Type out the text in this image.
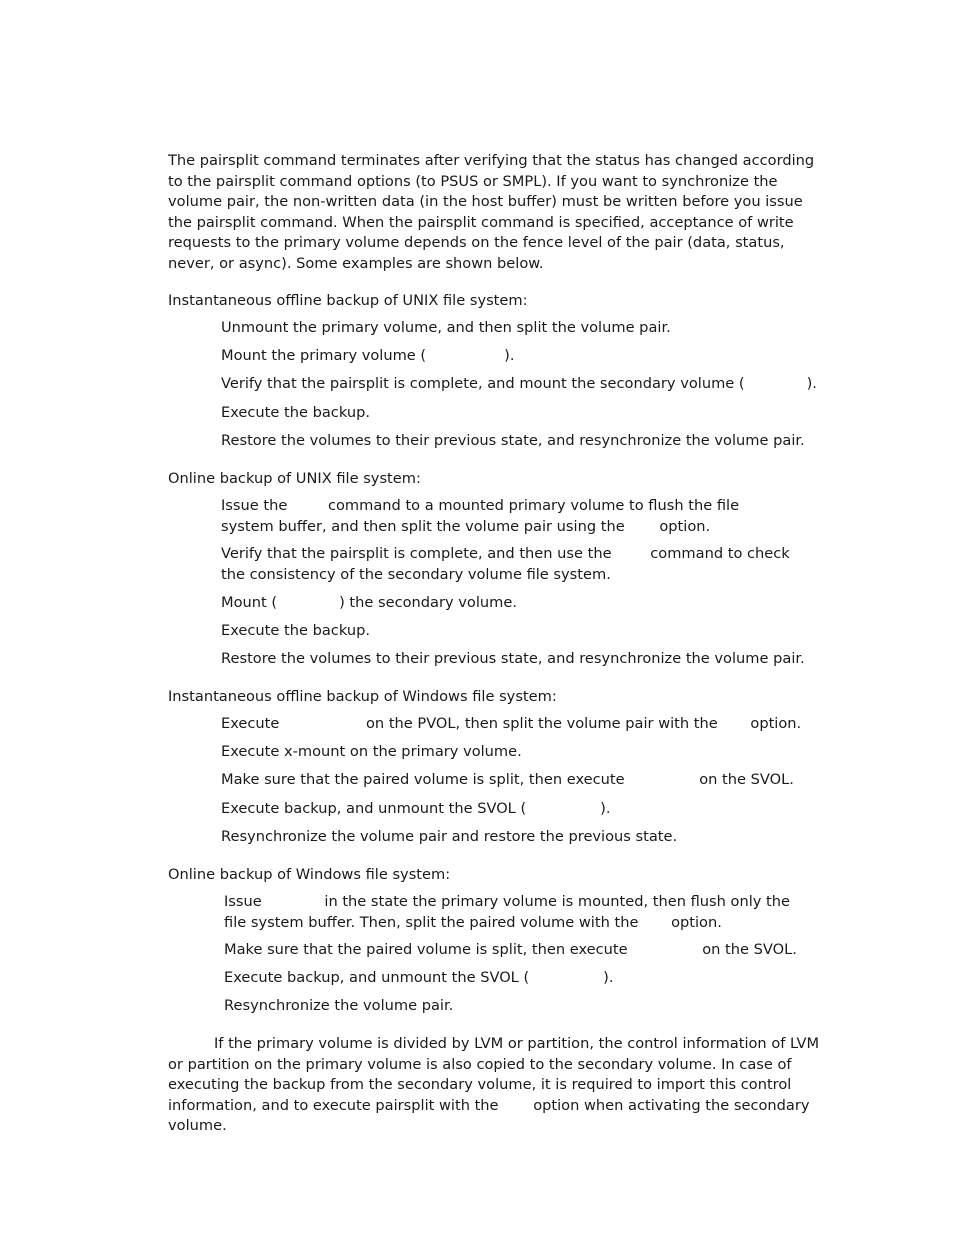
The pairsplit command terminates after verifying that the status has changed according to the pairsplit command options (to PSUS or SMPL). If you want to synchronize the volume pair, the non-written data (in the host buffer) must be written before you issue the pairsplit command. When the pairsplit command is specified, acceptance of write requests to the primary volume depends on the fence level of the pair (data, status, never, or async). Some examples are shown below.

Instantaneous offline backup of UNIX file system:

Unmount the primary volume, and then split the volume pair.

Mount the primary volume (	).

Verify that the pairsplit is complete, and mount the secondary volume (	).

Execute the backup.

Restore the volumes to their previous state, and resynchronize the volume pair.

Online backup of UNIX file system:

Issue the command to a mounted primary volume to flush the file system buffer, and then split the volume pair using the option.

Verify that the pairsplit is complete, and then use the command to check the consistency of the secondary volume file system.

Mount (	) the secondary volume.

Execute the backup.

Restore the volumes to their previous state, and resynchronize the volume pair.

Instantaneous offline backup of Windows file system:

Execute	on the PVOL, then split the volume pair with the option.

Execute x-mount on the primary volume.

Make sure that the paired volume is split, then execute	on the SVOL.

Execute backup, and unmount the SVOL (	).

Resynchronize the volume pair and restore the previous state.

Online backup of Windows file system:

Issue	in the state the primary volume is mounted, then flush only the file system buffer. Then, split the paired volume with the option.

Make sure that the paired volume is split, then execute	on the SVOL.

Execute backup, and unmount the SVOL (	).

Resynchronize the volume pair.

If the primary volume is divided by LVM or partition, the control information of LVM or partition on the primary volume is also copied to the secondary volume. In case of executing the backup from the secondary volume, it is required to import this control information, and to execute pairsplit with the option when activating the secondary volume.
